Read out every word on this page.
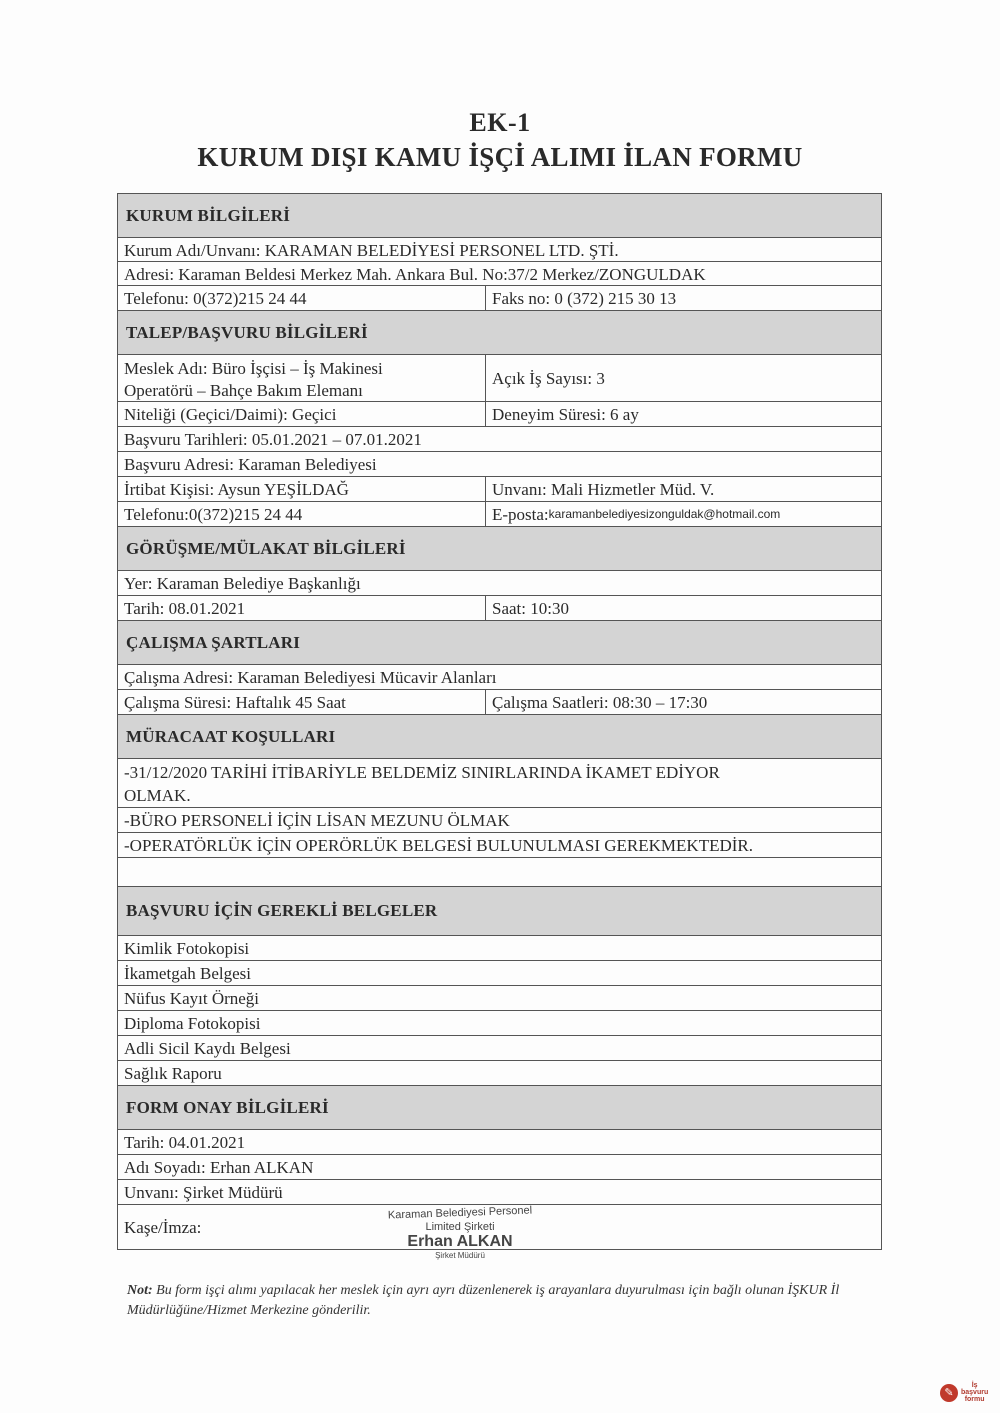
EK-1
KURUM DIŞI KAMU İŞÇİ ALIMI İLAN FORMU
KURUM BİLGİLERİ
Kurum Adı/Unvanı: KARAMAN BELEDİYESİ PERSONEL LTD. ŞTİ.
Adresi: Karaman Beldesi Merkez Mah. Ankara Bul. No:37/2 Merkez/ZONGULDAK
Telefonu: 0(372)215 24 44	Faks no: 0 (372) 215 30 13
TALEP/BAŞVURU BİLGİLERİ
Meslek Adı: Büro İşçisi – İş Makinesi
Operatörü – Bahçe Bakım Elemanı
Açık İş Sayısı: 3
Niteliği (Geçici/Daimi): Geçici	Deneyim Süresi: 6 ay
Başvuru Tarihleri: 05.01.2021 – 07.01.2021
Başvuru Adresi: Karaman Belediyesi
İrtibat Kişisi: Aysun YEŞİLDAĞ	Unvanı: Mali Hizmetler Müd. V.
Telefonu:0(372)215 24 44	E-posta: karamanbelediyesizonguldak@hotmail.com
GÖRÜŞME/MÜLAKAT BİLGİLERİ
Yer: Karaman Belediye Başkanlığı
Tarih: 08.01.2021	Saat: 10:30
ÇALIŞMA ŞARTLARI
Çalışma Adresi: Karaman Belediyesi Mücavir Alanları
Çalışma Süresi: Haftalık 45 Saat	Çalışma Saatleri: 08:30 – 17:30
MÜRACAAT KOŞULLARI
-31/12/2020 TARİHİ İTİBARİYLE BELDEMİZ SINIRLARINDA İKAMET EDİYOR
OLMAK.
-BÜRO PERSONELİ İÇİN LİSAN MEZUNU ÖLMAK
-OPERATÖRLÜK İÇİN OPERÖRLÜK BELGESİ BULUNULMASI GEREKMEKTEDİR.
BAŞVURU İÇİN GEREKLİ BELGELER
Kimlik Fotokopisi
İkametgah Belgesi
Nüfus Kayıt Örneği
Diploma Fotokopisi
Adli Sicil Kaydı Belgesi
Sağlık Raporu
FORM ONAY BİLGİLERİ
Tarih: 04.01.2021
Adı Soyadı: Erhan ALKAN
Unvanı: Şirket Müdürü
Kaşe/İmza:
Karaman Belediyesi Personel
Limited Şirketi
Erhan ALKAN
Şirket Müdürü
Not: Bu form işçi alımı yapılacak her meslek için ayrı ayrı düzenlenerek iş arayanlara duyurulması için bağlı olunan İŞKUR İl Müdürlüğüne/Hizmet Merkezine gönderilir.
✎
İş
başvuru
formu
